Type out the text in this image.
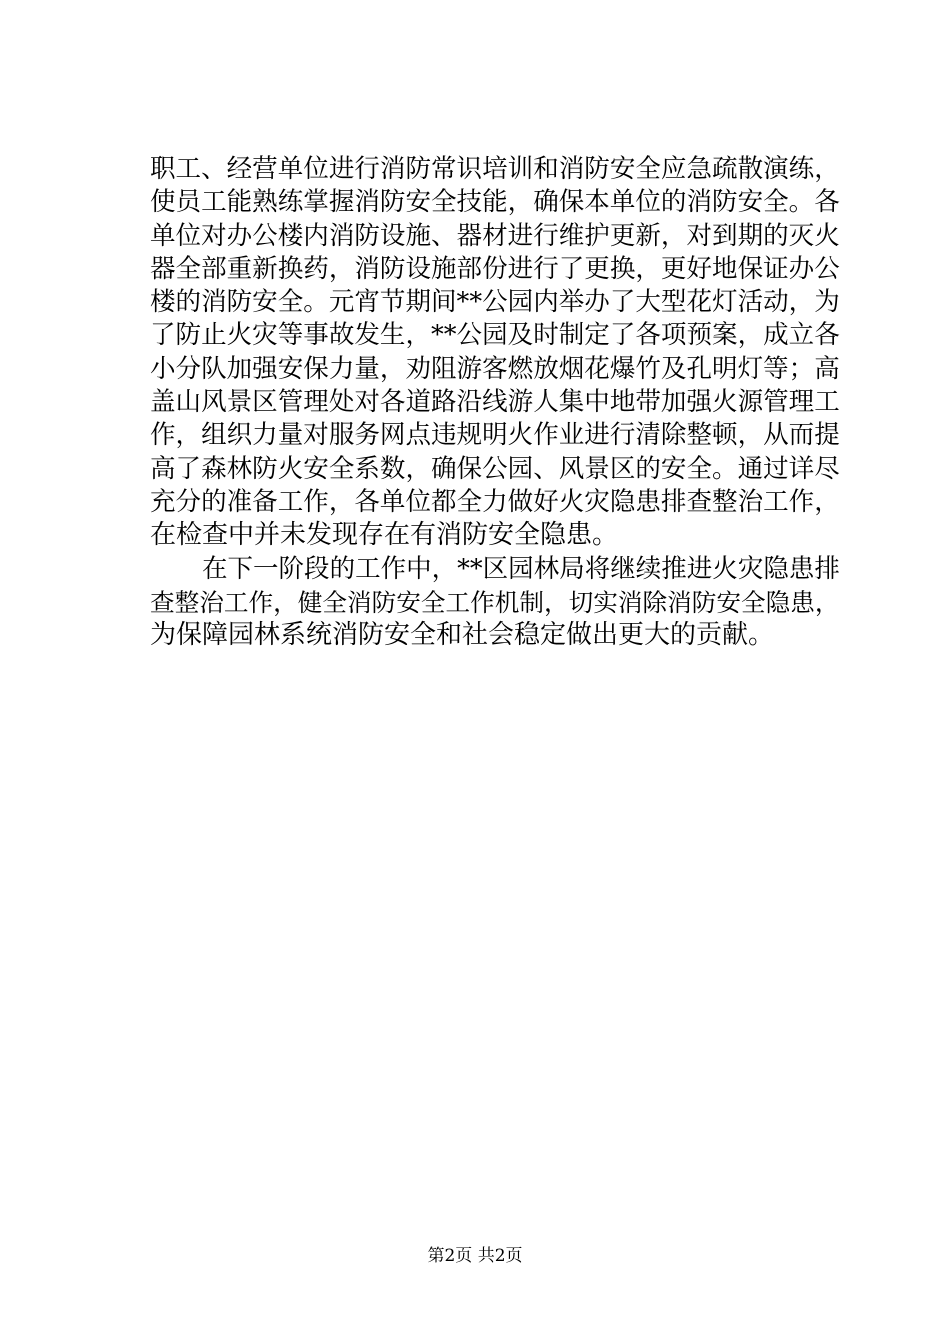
职工、经营单位进行消防常识培训和消防安全应急疏散演练，
使员工能熟练掌握消防安全技能，确保本单位的消防安全。各
单位对办公楼内消防设施、器材进行维护更新，对到期的灭火
器全部重新换药，消防设施部份进行了更换，更好地保证办公
楼的消防安全。元宵节期间**公园内举办了大型花灯活动，为
了防止火灾等事故发生，**公园及时制定了各项预案，成立各
小分队加强安保力量，劝阻游客燃放烟花爆竹及孔明灯等；高
盖山风景区管理处对各道路沿线游人集中地带加强火源管理工
作，组织力量对服务网点违规明火作业进行清除整顿，从而提
高了森林防火安全系数，确保公园、风景区的安全。通过详尽
充分的准备工作，各单位都全力做好火灾隐患排查整治工作，
在检查中并未发现存在有消防安全隐患。
在下一阶段的工作中，**区园林局将继续推进火灾隐患排
查整治工作，健全消防安全工作机制，切实消除消防安全隐患，
为保障园林系统消防安全和社会稳定做出更大的贡献。
第2页 共2页
